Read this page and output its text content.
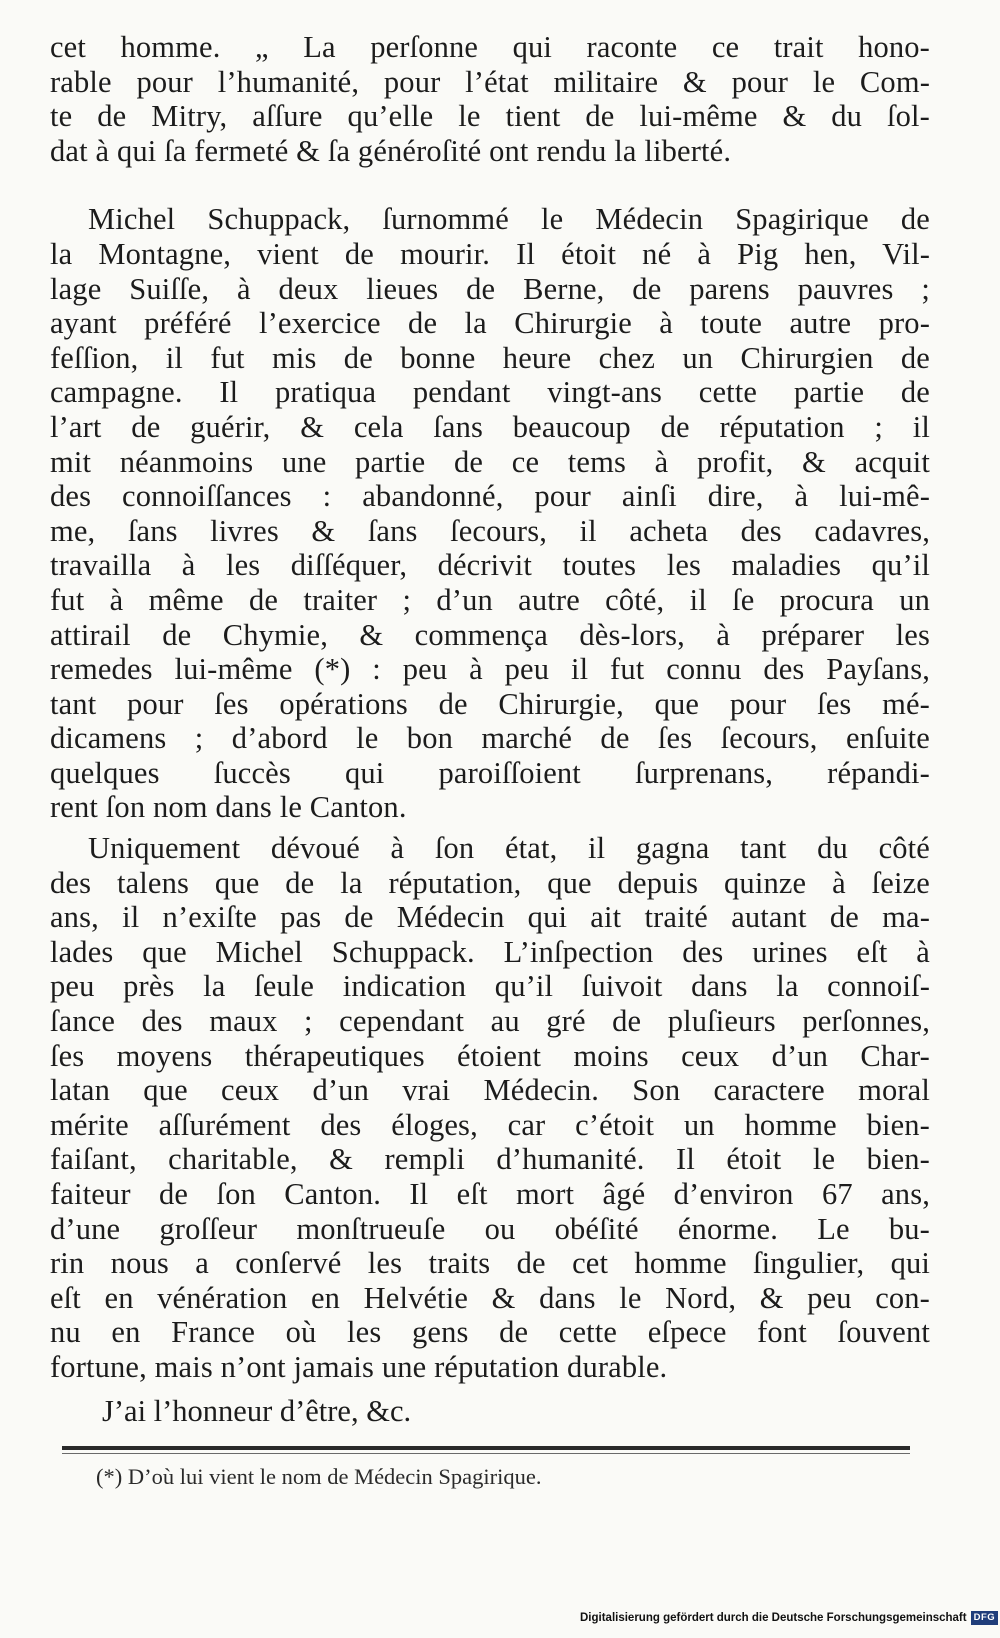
cet homme. „ La perſonne qui raconte ce trait hono-
rable pour l’humanité, pour l’état militaire & pour le Com-
te de Mitry, aſſure qu’elle le tient de lui-même & du ſol-
dat à qui ſa fermeté & ſa généroſité ont rendu la liberté.
Michel Schuppack, ſurnommé le Médecin Spagirique de
la Montagne, vient de mourir. Il étoit né à Pig hen, Vil-
lage Suiſſe, à deux lieues de Berne, de parens pauvres ;
ayant préféré l’exercice de la Chirurgie à toute autre pro-
feſſion, il fut mis de bonne heure chez un Chirurgien de
campagne. Il pratiqua pendant vingt-ans cette partie de
l’art de guérir, & cela ſans beaucoup de réputation ; il
mit néanmoins une partie de ce tems à profit, & acquit
des connoiſſances : abandonné, pour ainſi dire, à lui-mê-
me, ſans livres & ſans ſecours, il acheta des cadavres,
travailla à les diſſéquer, décrivit toutes les maladies qu’il
fut à même de traiter ; d’un autre côté, il ſe procura un
attirail de Chymie, & commença dès-lors, à préparer les
remedes lui-même (*) : peu à peu il fut connu des Payſans,
tant pour ſes opérations de Chirurgie, que pour ſes mé-
dicamens ; d’abord le bon marché de ſes ſecours, enſuite
quelques ſuccès qui paroiſſoient ſurprenans, répandi-
rent ſon nom dans le Canton.
Uniquement dévoué à ſon état, il gagna tant du côté
des talens que de la réputation, que depuis quinze à ſeize
ans, il n’exiſte pas de Médecin qui ait traité autant de ma-
lades que Michel Schuppack. L’inſpection des urines eſt à
peu près la ſeule indication qu’il ſuivoit dans la connoiſ-
ſance des maux ; cependant au gré de pluſieurs perſonnes,
ſes moyens thérapeutiques étoient moins ceux d’un Char-
latan que ceux d’un vrai Médecin. Son caractere moral
mérite aſſurément des éloges, car c’étoit un homme bien-
faiſant, charitable, & rempli d’humanité. Il étoit le bien-
faiteur de ſon Canton. Il eſt mort âgé d’environ 67 ans,
d’une groſſeur monſtrueuſe ou obéſité énorme. Le bu-
rin nous a conſervé les traits de cet homme ſingulier, qui
eſt en vénération en Helvétie & dans le Nord, & peu con-
nu en France où les gens de cette eſpece font ſouvent
fortune, mais n’ont jamais une réputation durable.
J’ai l’honneur d’être, &c.
(*) D’où lui vient le nom de Médecin Spagirique.
Digitalisierung gefördert durch die Deutsche Forschungsgemeinschaft DFG
